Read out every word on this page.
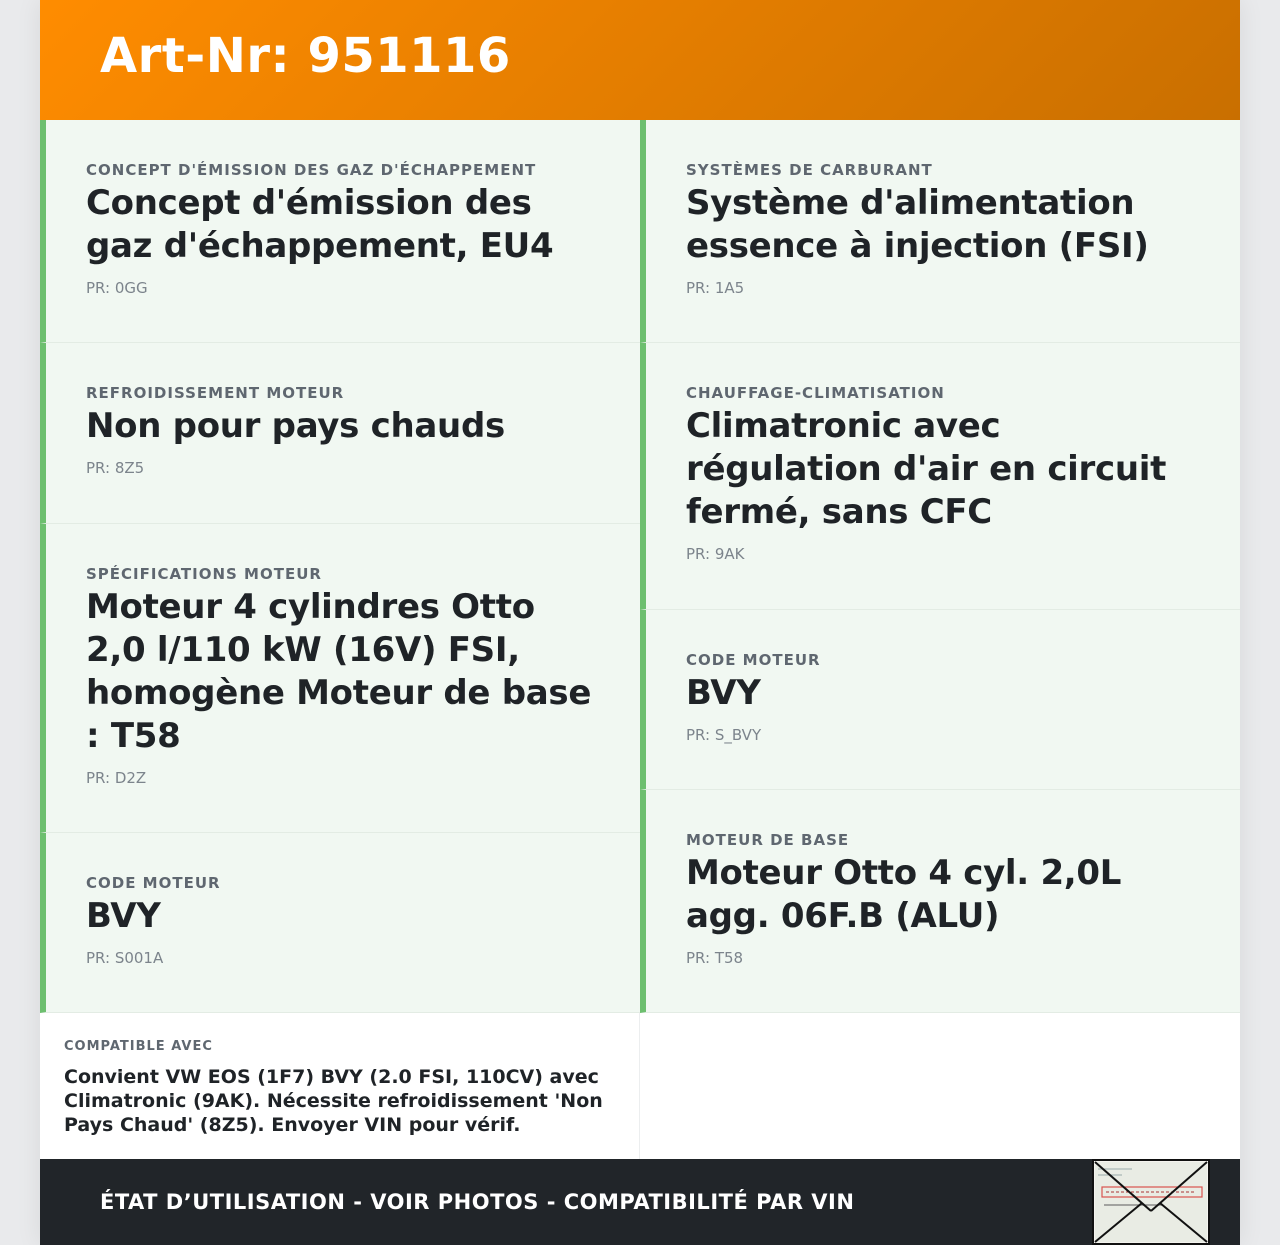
Art-Nr: 951116
CONCEPT D'ÉMISSION DES GAZ D'ÉCHAPPEMENT
Concept d'émission des gaz d'échappement, EU4
PR: 0GG
REFROIDISSEMENT MOTEUR
Non pour pays chauds
PR: 8Z5
SPÉCIFICATIONS MOTEUR
Moteur 4 cylindres Otto 2,0 l/110 kW (16V) FSI, homogène Moteur de base : T58
PR: D2Z
CODE MOTEUR
BVY
PR: S001A
SYSTÈMES DE CARBURANT
Système d'alimentation essence à injection (FSI)
PR: 1A5
CHAUFFAGE-CLIMATISATION
Climatronic avec régulation d'air en circuit fermé, sans CFC
PR: 9AK
CODE MOTEUR
BVY
PR: S_BVY
MOTEUR DE BASE
Moteur Otto 4 cyl. 2,0L agg. 06F.B (ALU)
PR: T58
COMPATIBLE AVEC
Convient VW EOS (1F7) BVY (2.0 FSI, 110CV) avec Climatronic (9AK). Nécessite refroidissement 'Non Pays Chaud' (8Z5). Envoyer VIN pour vérif.
ÉTAT D’UTILISATION - VOIR PHOTOS - COMPATIBILITÉ PAR VIN
